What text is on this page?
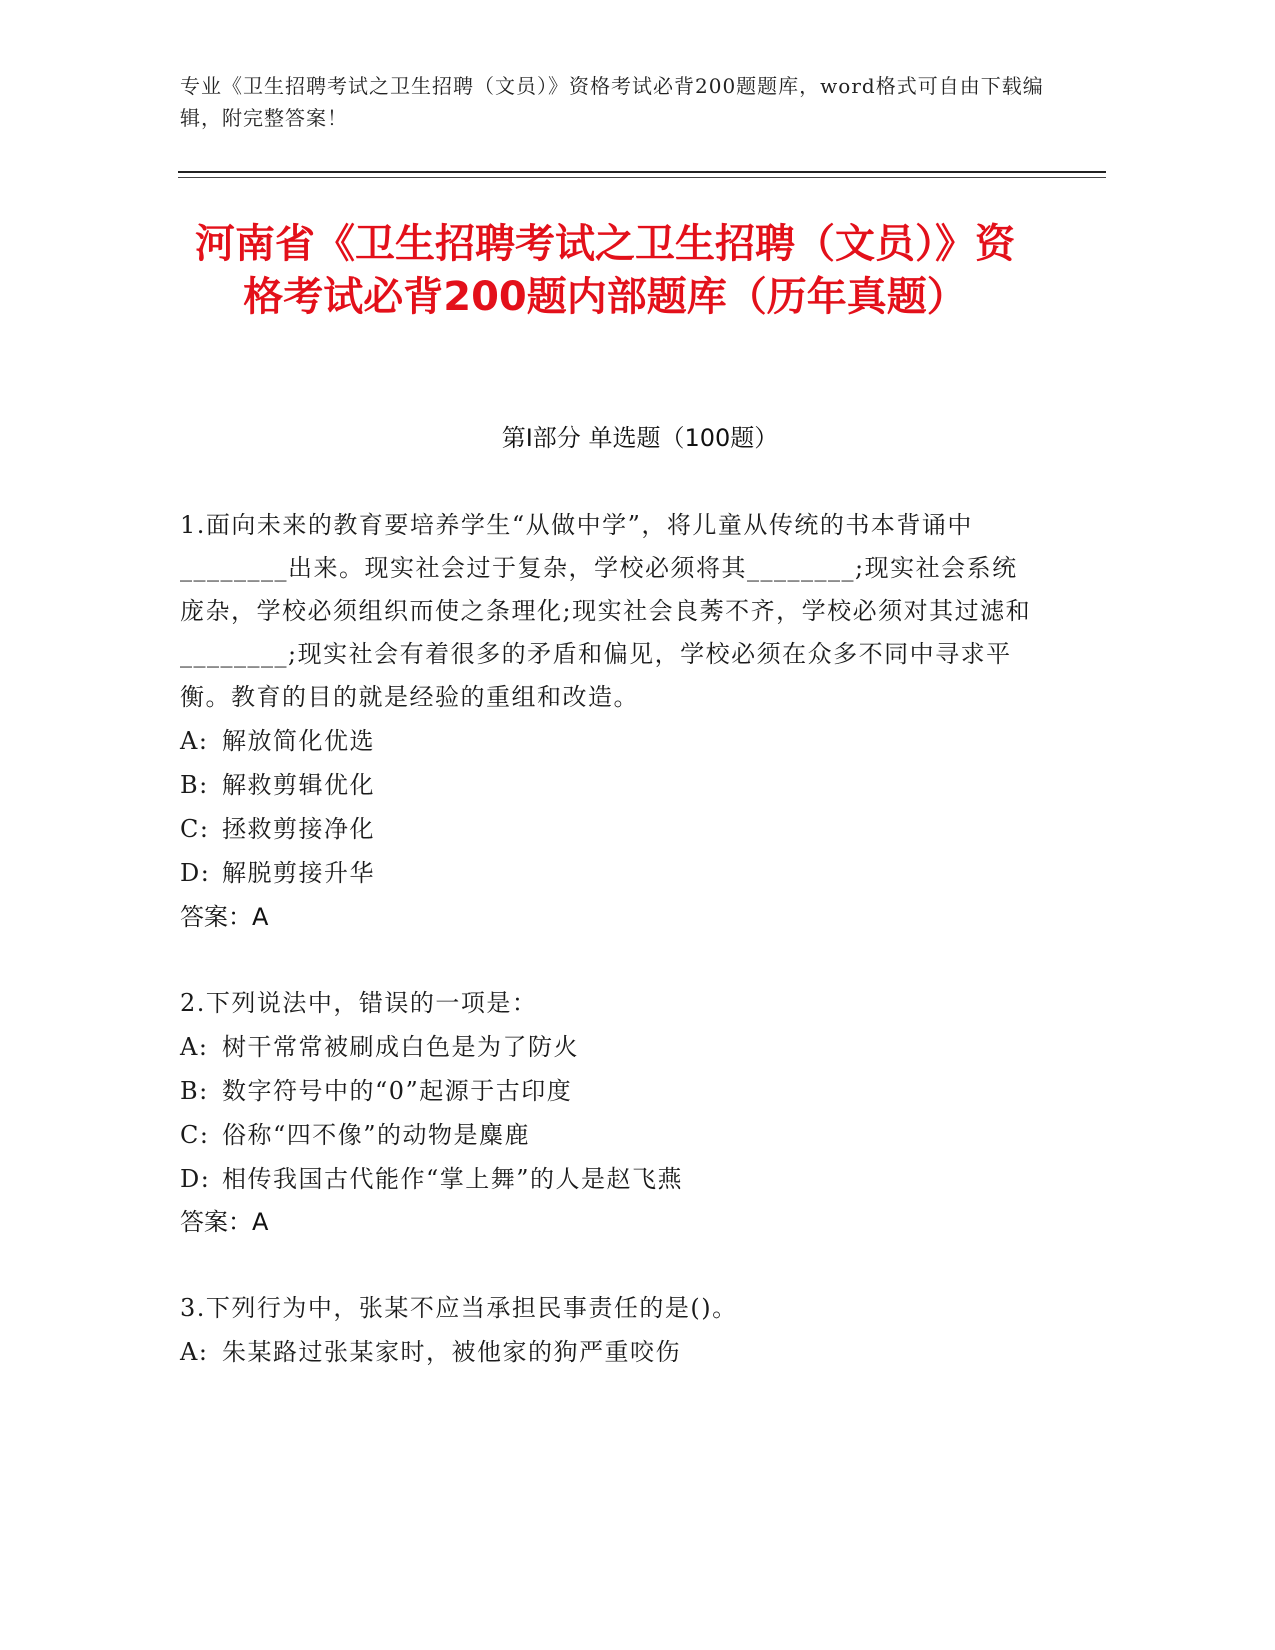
专业《卫生招聘考试之卫生招聘（文员）》资格考试必背200题题库，word格式可自由下载编辑，附完整答案！
河南省《卫生招聘考试之卫生招聘（文员）》资格考试必背200题内部题库（历年真题）
第Ⅰ部分 单选题（100题）
1.面向未来的教育要培养学生“从做中学”，将儿童从传统的书本背诵中________出来。现实社会过于复杂，学校必须将其________;现实社会系统庞杂，学校必须组织而使之条理化;现实社会良莠不齐，学校必须对其过滤和________;现实社会有着很多的矛盾和偏见，学校必须在众多不同中寻求平衡。教育的目的就是经验的重组和改造。
A: 解放简化优选
B: 解救剪辑优化
C: 拯救剪接净化
D: 解脱剪接升华
答案：A
2.下列说法中，错误的一项是：
A: 树干常常被刷成白色是为了防火
B: 数字符号中的“0”起源于古印度
C: 俗称“四不像”的动物是麋鹿
D: 相传我国古代能作“掌上舞”的人是赵飞燕
答案：A
3.下列行为中，张某不应当承担民事责任的是()。
A: 朱某路过张某家时，被他家的狗严重咬伤
